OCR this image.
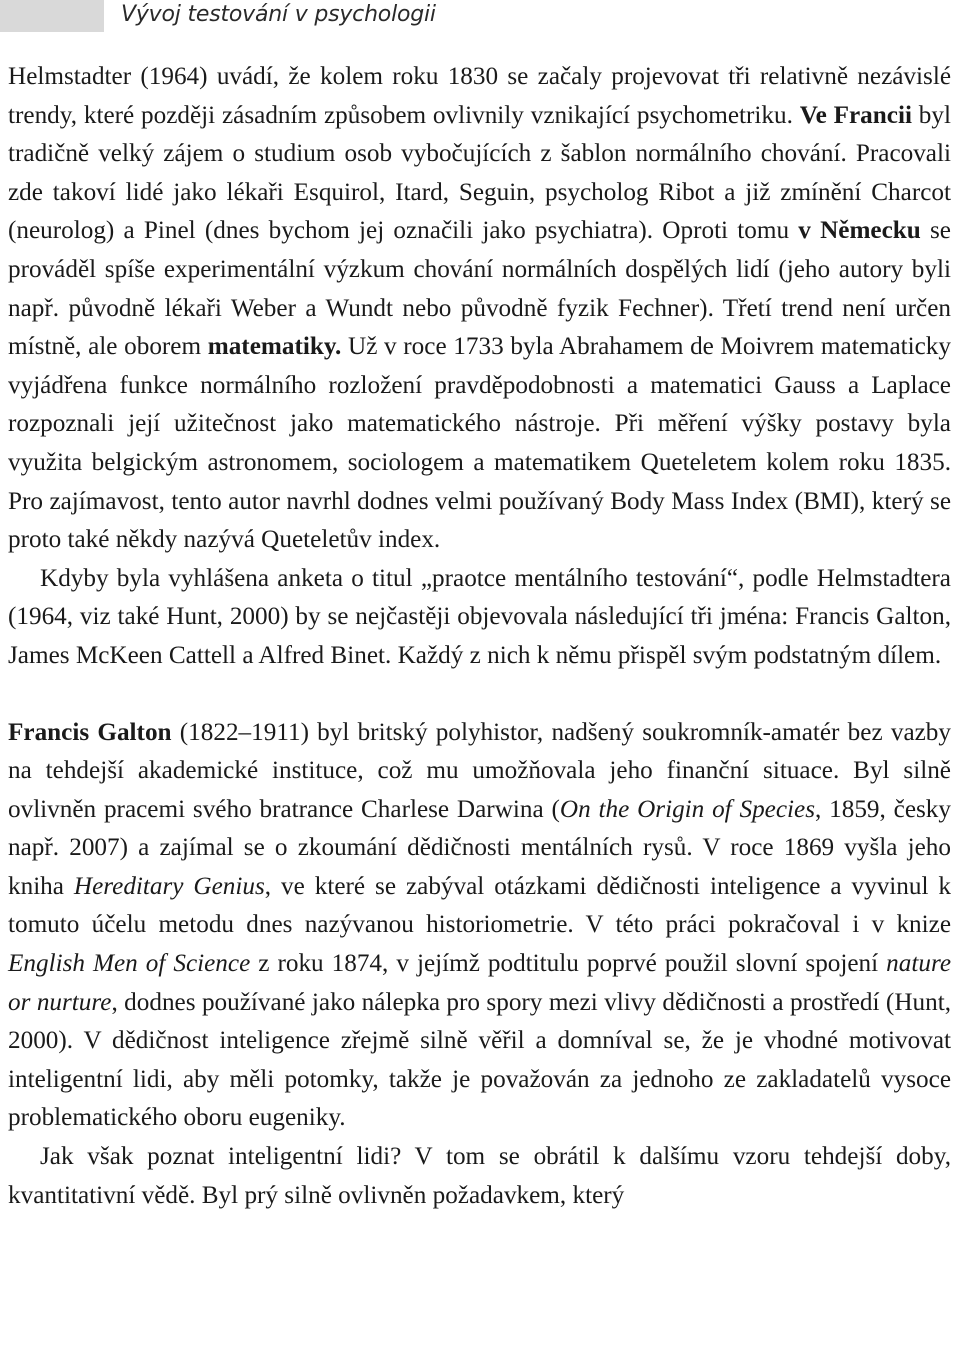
Vývoj testování v psychologii

Helmstadter (1964) uvádí, že kolem roku 1830 se začaly projevovat tři relativně nezávislé trendy, které později zásadním způsobem ovlivnily vznikající psychometriku. Ve Francii byl tradičně velký zájem o studium osob vybočujících z šablon normálního chování. Pracovali zde takoví lidé jako lékaři Esquirol, Itard, Seguin, psycholog Ribot a již zmínění Charcot (neurolog) a Pinel (dnes bychom jej označili jako psychiatra). Oproti tomu v Německu se prováděl spíše experimentální výzkum chování normálních dospělých lidí (jeho autory byli např. původně lékaři Weber a Wundt nebo původně fyzik Fechner). Třetí trend není určen místně, ale oborem matematiky. Už v roce 1733 byla Abrahamem de Moivrem matematicky vyjádřena funkce normálního rozložení pravděpodobnosti a matematici Gauss a Laplace rozpoznali její užitečnost jako matematického nástroje. Při měření výšky postavy byla využita belgickým astronomem, sociologem a matematikem Queteletem kolem roku 1835. Pro zajímavost, tento autor navrhl dodnes velmi používaný Body Mass Index (BMI), který se proto také někdy nazývá Queteletův index.

Kdyby byla vyhlášena anketa o titul „praotce mentálního testování“, podle Helmstadtera (1964, viz také Hunt, 2000) by se nejčastěji objevovala následující tři jména: Francis Galton, James McKeen Cattell a Alfred Binet. Každý z nich k němu přispěl svým podstatným dílem.

Francis Galton (1822–1911) byl britský polyhistor, nadšený soukromník-amatér bez vazby na tehdejší akademické instituce, což mu umožňovala jeho finanční situace. Byl silně ovlivněn pracemi svého bratrance Charlese Darwina (On the Origin of Species, 1859, česky např. 2007) a zajímal se o zkoumání dědičnosti mentálních rysů. V roce 1869 vyšla jeho kniha Hereditary Genius, ve které se zabýval otázkami dědičnosti inteligence a vyvinul k tomuto účelu metodu dnes nazývanou historiometrie. V této práci pokračoval i v knize English Men of Science z roku 1874, v jejímž podtitulu poprvé použil slovní spojení nature or nurture, dodnes používané jako nálepka pro spory mezi vlivy dědičnosti a prostředí (Hunt, 2000). V dědičnost inteligence zřejmě silně věřil a domníval se, že je vhodné motivovat inteligentní lidi, aby měli potomky, takže je považován za jednoho ze zakladatelů vysoce problematického oboru eugeniky.

Jak však poznat inteligentní lidi? V tom se obrátil k dalšímu vzoru tehdejší doby, kvantitativní vědě. Byl prý silně ovlivněn požadavkem, který
